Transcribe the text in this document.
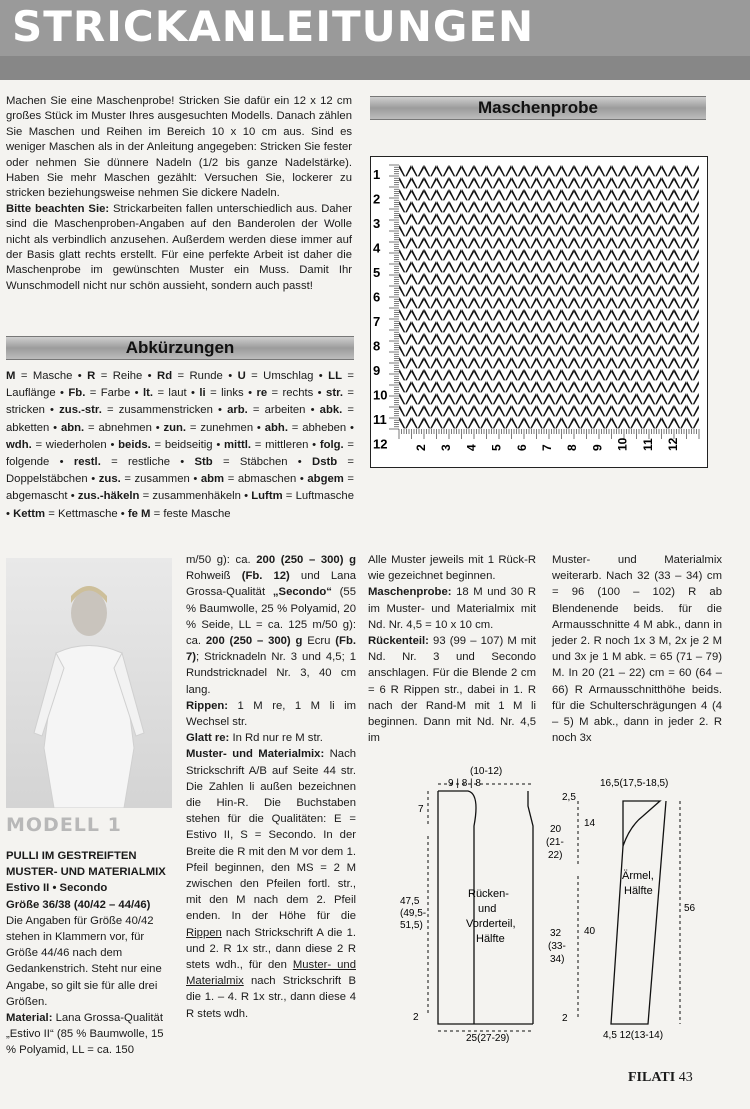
STRICKANLEITUNGEN
Machen Sie eine Maschenprobe! Stricken Sie dafür ein 12 x 12 cm großes Stück im Muster Ihres ausgesuchten Modells. Danach zählen Sie Maschen und Reihen im Bereich 10 x 10 cm aus. Sind es weniger Maschen als in der Anleitung angegeben: Stricken Sie fester oder nehmen Sie dünnere Nadeln (1/2 bis ganze Nadelstärke). Haben Sie mehr Maschen gezählt: Versuchen Sie, lockerer zu stricken beziehungsweise nehmen Sie dickere Nadeln.
Bitte beachten Sie: Strickarbeiten fallen unterschiedlich aus. Daher sind die Maschenproben-Angaben auf den Banderolen der Wolle nicht als verbindlich anzusehen. Außerdem werden diese immer auf der Basis glatt rechts erstellt. Für eine perfekte Arbeit ist daher die Maschenprobe im gewünschten Muster ein Muss. Damit Ihr Wunschmodell nicht nur schön aussieht, sondern auch passt!
Abkürzungen
M = Masche • R = Reihe • Rd = Runde • U = Umschlag • LL = Lauflänge • Fb. = Farbe • lt. = laut • li = links • re = rechts • str. = stricken • zus.-str. = zusammenstricken • arb. = arbeiten • abk. = abketten • abn. = abnehmen • zun. = zunehmen • abh. = abheben • wdh. = wiederholen • beids. = beidseitig • mittl. = mittleren • folg. = folgende • restl. = restliche • Stb = Stäbchen • Dstb = Doppelstäbchen • zus. = zusammen • abm = abmaschen • abgem = abgemascht • zus.-häkeln = zusammenhäkeln • Luftm = Luftmasche • Kettm = Kettmasche • fe M = feste Masche
Maschenprobe
1
2
2
3
3
4
4
5
5
6
6
7
7
8
8
9
9
10
10
11
11
12	12
MODELL 1
PULLI IM GESTREIFTEN MUSTER- UND MATERIALMIX
Estivo II • Secondo
Größe 36/38 (40/42 – 44/46)
Die Angaben für Größe 40/42 stehen in Klammern vor, für Größe 44/46 nach dem Gedankenstrich. Steht nur eine Angabe, so gilt sie für alle drei Größen.
Material: Lana Grossa-Qualität „Estivo II“ (85 % Baumwolle, 15 % Polyamid, LL = ca. 150
m/50 g): ca. 200 (250 – 300) g Rohweiß (Fb. 12) und Lana Grossa-Qualität „Secondo“ (55 % Baumwolle, 25 % Polyamid, 20 % Seide, LL = ca. 125 m/50 g): ca. 200 (250 – 300) g Ecru (Fb. 7); Stricknadeln Nr. 3 und 4,5; 1 Rundstricknadel Nr. 3, 40 cm lang.
Rippen: 1 M re, 1 M li im Wechsel str.
Glatt re: In Rd nur re M str.
Muster- und Materialmix: Nach Strickschrift A/B auf Seite 44 str. Die Zahlen li außen bezeichnen die Hin-R. Die Buchstaben stehen für die Qualitäten: E = Estivo II, S = Secondo. In der Breite die R mit den M vor dem 1. Pfeil beginnen, den MS = 2 M zwischen den Pfeilen fortl. str., mit den M nach dem 2. Pfeil enden. In der Höhe für die Rippen nach Strickschrift A die 1. und 2. R 1x str., dann diese 2 R stets wdh., für den Muster- und Materialmix nach Strickschrift B die 1. – 4. R 1x str., dann diese 4 R stets wdh.
Alle Muster jeweils mit 1 Rück-R wie gezeichnet beginnen.
Maschenprobe: 18 M und 30 R im Muster- und Materialmix mit Nd. Nr. 4,5 = 10 x 10 cm.
Rückenteil: 93 (99 – 107) M mit Nd. Nr. 3 und Secondo anschlagen. Für die Blende 2 cm = 6 R Rippen str., dabei in 1. R nach der Rand-M mit 1 M li beginnen. Dann mit Nd. Nr. 4,5 im
Muster- und Materialmix weiterarb. Nach 32 (33 – 34) cm = 96 (100 – 102) R ab Blendenende beids. für die Armausschnitte 4 M abk., dann in jeder 2. R noch 1x 3 M, 2x je 2 M und 3x je 1 M abk. = 65 (71 – 79) M. In 20 (21 – 22) cm = 60 (64 – 66) R Armausschnitthöhe beids. für die Schulterschrägungen 4 (4 – 5) M abk., dann in jeder 2. R noch 3x
(10-12)
9 | 8 | 8
7
47,5
(49,5-
51,5)
2
25(27-29)
Rücken-
und
Vorderteil,
Hälfte
2,5
20
(21-
22)
32
(33-
34)
2
14
40
16,5(17,5-18,5)
Ärmel,
Hälfte
56
4,5 12(13-14)
FILATI 43
